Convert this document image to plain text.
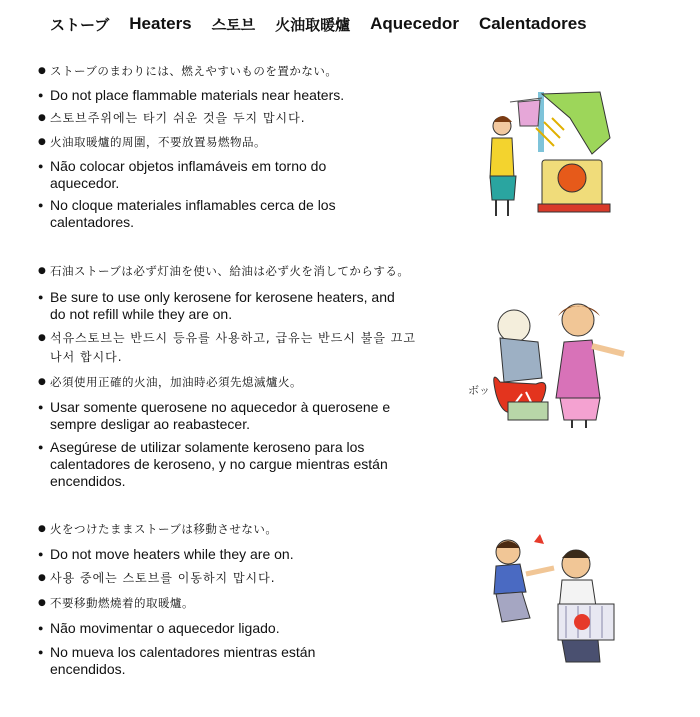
ストーブ Heaters 스토브 火油取暖爐 Aquecedor Calentadores

● ストーブのまわりには、燃えやすいものを置かない。

● Do not place flammable materials near heaters.

● 스토브주위에는 타기 쉬운 것을 두지 맙시다.

● 火油取暖爐的周圍，不要放置易燃物品。

● Não colocar objetos inflamáveis em torno do aquecedor.

● No cloque materiales inflamables cerca de los calentadores.

● 石油ストーブは必ず灯油を使い、給油は必ず火を消してからする。

● Be sure to use only kerosene for kerosene heaters, and do not refill while they are on.

● 석유스토브는 반드시 등유를 사용하고, 급유는 반드시 불을 끄고 나서 합시다.

● 必須使用正確的火油，加油時必須先熄滅爐火。

● Usar somente querosene no aquecedor à querosene e sempre desligar ao reabastecer.

● Asegúrese de utilizar solamente keroseno para los calentadores de keroseno, y no cargue mientras están encendidos.

● 火をつけたままストーブは移動させない。

● Do not move heaters while they are on.

● 사용 중에는 스토브를 이동하지 맙시다.

● 不要移動燃燒着的取暖爐。

● Não movimentar o aquecedor ligado.

● No mueva los calentadores mientras están encendidos.

ボッ
